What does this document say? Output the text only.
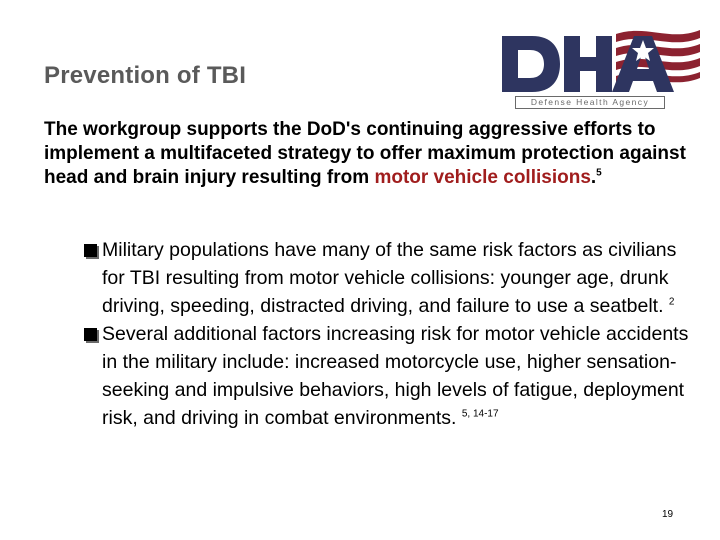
Prevention of TBI
Defense Health Agency
The workgroup supports the DoD's continuing aggressive efforts to implement a multifaceted strategy to offer maximum protection against head and brain injury resulting from motor vehicle collisions.$^5$
Military populations have many of the same risk factors as civilians for TBI resulting from motor vehicle collisions: younger age, drunk driving, speeding, distracted driving, and failure to use a seatbelt. $^2$
Several additional factors increasing risk for motor vehicle accidents in the military include: increased motorcycle use, higher sensation-seeking and impulsive behaviors, high levels of fatigue, deployment risk, and driving in combat environments. $^{5, 14-17}$
19
